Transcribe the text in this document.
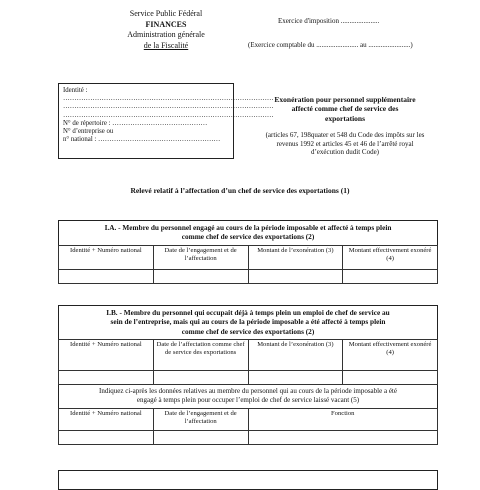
Service Public Fédéral
FINANCES
Administration générale
de la Fiscalité
Exercice d'imposition ......................
(Exercice comptable du ........................ au ........................)
Identité :
…………………………………………………………………………………
…………………………………………………………………………………
…………………………………………………………………………………
N° de répertoire : ……………………………………
N° d’entreprise ou
n° national : ………………………………………………
Exonération pour personnel supplémentaire
affecté comme chef de service des
exportations
(articles 67, 198quater et 548 du Code des impôts sur les
revenus 1992 et articles 45 et 46 de l’arrêté royal
d’exécution dudit Code)
Relevé relatif à l’affectation d’un chef de service des exportations (1)
I.A. - Membre du personnel engagé au cours de la période imposable et affecté à temps plein
comme chef de service des exportations (2)
Identité + Numéro national	Date de l’engagement et de l’affectation	Montant de l’exonération (3)	Montant effectivement exonéré (4)

I.B. - Membre du personnel qui occupait déjà à temps plein un emploi de chef de service au
sein de l’entreprise, mais qui au cours de la période imposable a été affecté à temps plein
comme chef de service des exportations (2)
Identité + Numéro national	Date de l’affectation comme chef de service des exportations	Montant de l’exonération (3)	Montant effectivement exonéré (4)

Indiquez ci-après les données relatives au membre du personnel qui au cours de la période imposable a été
engagé à temps plein pour occuper l’emploi de chef de service laissé vacant (5)
Identité + Numéro national	Date de l’engagement et de l’affectation	Fonction
